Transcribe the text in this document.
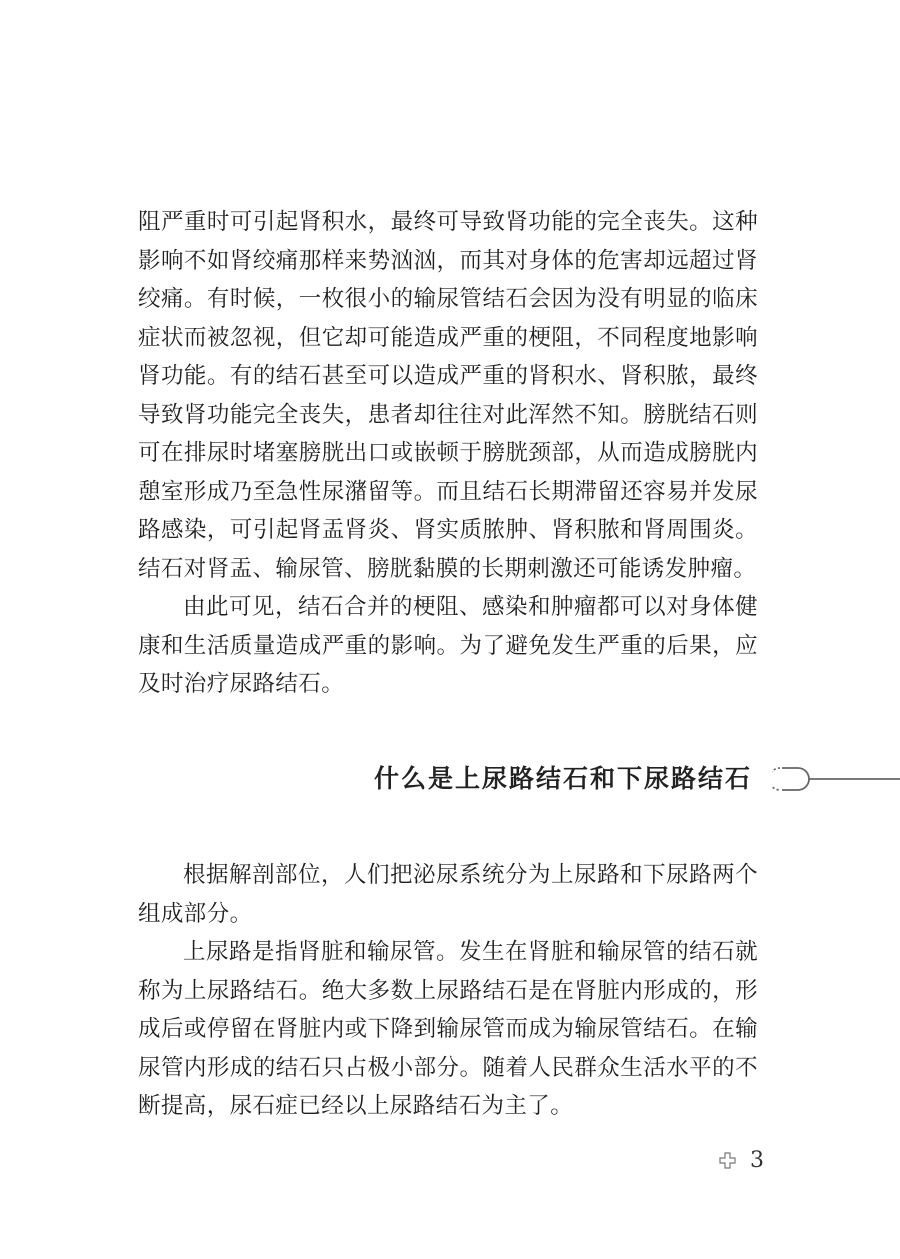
阻严重时可引起肾积水，最终可导致肾功能的完全丧失。这种影响不如肾绞痛那样来势汹汹，而其对身体的危害却远超过肾绞痛。有时候，一枚很小的输尿管结石会因为没有明显的临床症状而被忽视，但它却可能造成严重的梗阻，不同程度地影响肾功能。有的结石甚至可以造成严重的肾积水、肾积脓，最终导致肾功能完全丧失，患者却往往对此浑然不知。膀胱结石则可在排尿时堵塞膀胱出口或嵌顿于膀胱颈部，从而造成膀胱内憩室形成乃至急性尿潴留等。而且结石长期滞留还容易并发尿路感染，可引起肾盂肾炎、肾实质脓肿、肾积脓和肾周围炎。结石对肾盂、输尿管、膀胱黏膜的长期刺激还可能诱发肿瘤。

由此可见，结石合并的梗阻、感染和肿瘤都可以对身体健康和生活质量造成严重的影响。为了避免发生严重的后果，应及时治疗尿路结石。

什么是上尿路结石和下尿路结石

根据解剖部位，人们把泌尿系统分为上尿路和下尿路两个组成部分。

上尿路是指肾脏和输尿管。发生在肾脏和输尿管的结石就称为上尿路结石。绝大多数上尿路结石是在肾脏内形成的，形成后或停留在肾脏内或下降到输尿管而成为输尿管结石。在输尿管内形成的结石只占极小部分。随着人民群众生活水平的不断提高，尿石症已经以上尿路结石为主了。

3
